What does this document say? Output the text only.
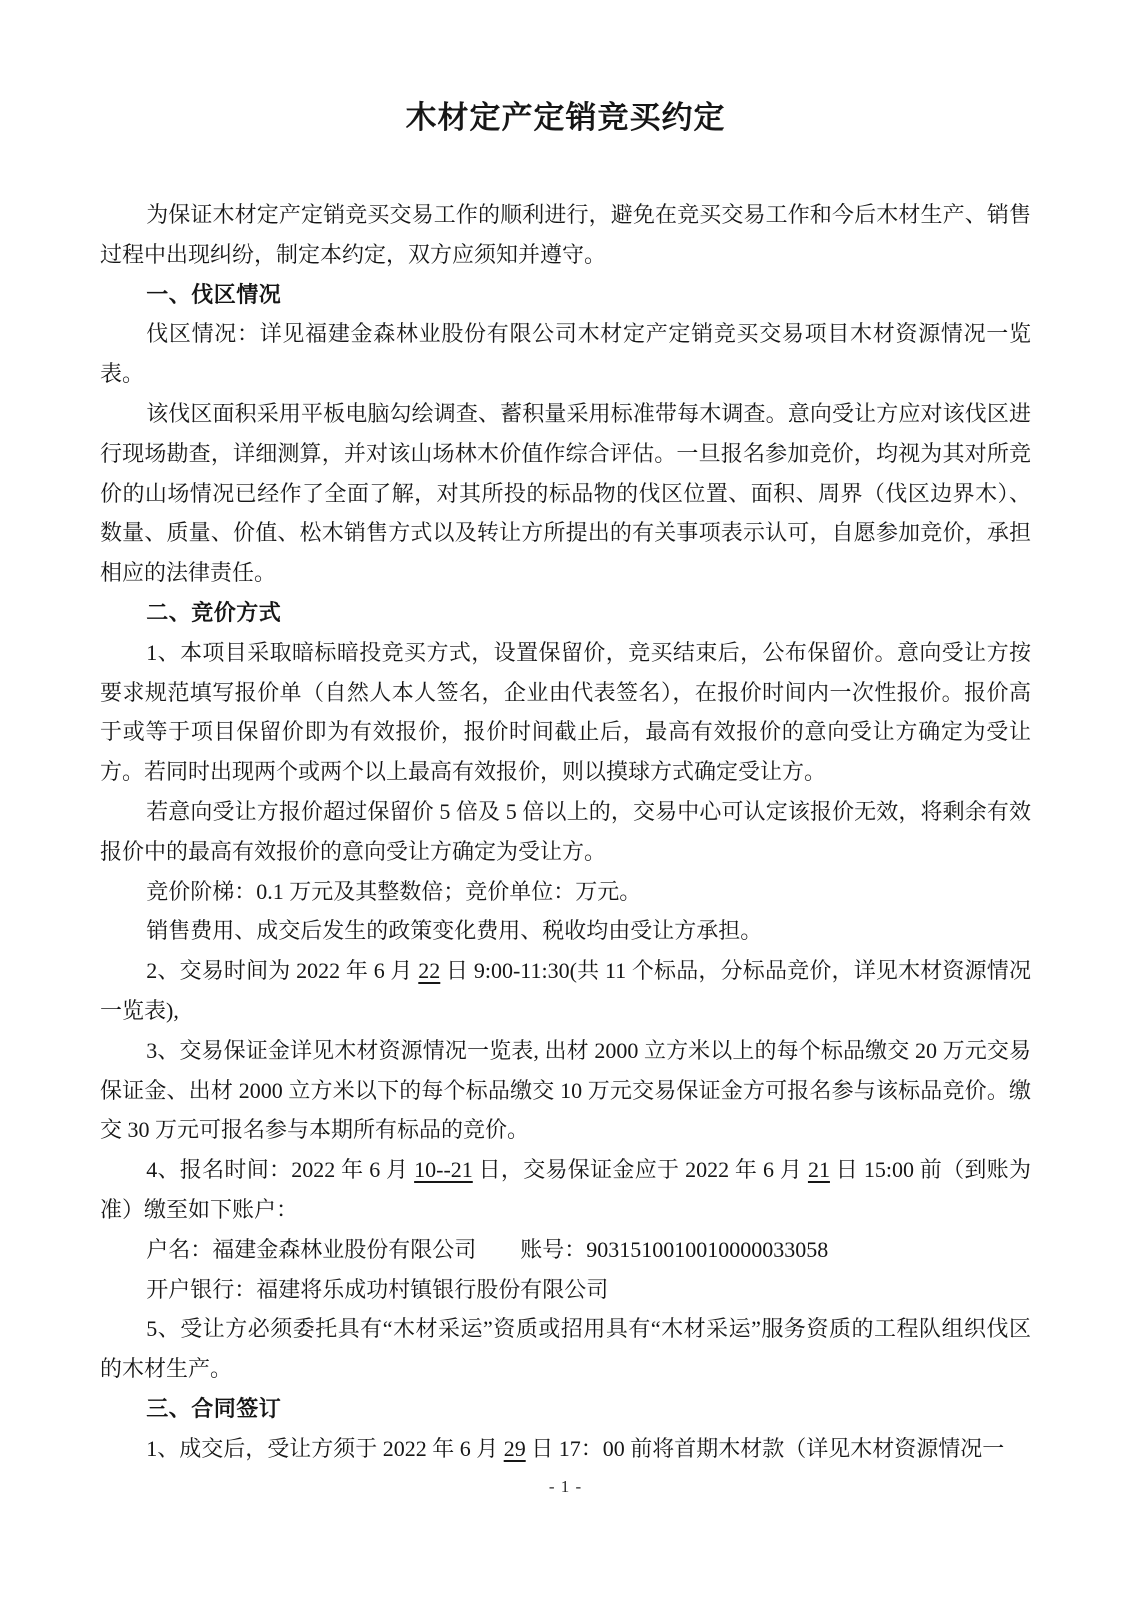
木材定产定销竞买约定

为保证木材定产定销竞买交易工作的顺利进行，避免在竞买交易工作和今后木材生产、销售过程中出现纠纷，制定本约定，双方应须知并遵守。

一、伐区情况

伐区情况：详见福建金森林业股份有限公司木材定产定销竞买交易项目木材资源情况一览表。

该伐区面积采用平板电脑勾绘调查、蓄积量采用标准带每木调查。意向受让方应对该伐区进行现场勘查，详细测算，并对该山场林木价值作综合评估。一旦报名参加竞价，均视为其对所竞价的山场情况已经作了全面了解，对其所投的标品物的伐区位置、面积、周界（伐区边界木）、数量、质量、价值、松木销售方式以及转让方所提出的有关事项表示认可，自愿参加竞价，承担相应的法律责任。

二、竞价方式

1、本项目采取暗标暗投竞买方式，设置保留价，竞买结束后，公布保留价。意向受让方按要求规范填写报价单（自然人本人签名，企业由代表签名），在报价时间内一次性报价。报价高于或等于项目保留价即为有效报价，报价时间截止后，最高有效报价的意向受让方确定为受让方。若同时出现两个或两个以上最高有效报价，则以摸球方式确定受让方。

若意向受让方报价超过保留价 5 倍及 5 倍以上的，交易中心可认定该报价无效，将剩余有效报价中的最高有效报价的意向受让方确定为受让方。

竞价阶梯：0.1 万元及其整数倍；竞价单位：万元。

销售费用、成交后发生的政策变化费用、税收均由受让方承担。

2、交易时间为 2022 年 6 月 22 日 9:00-11:30(共 11 个标品，分标品竞价，详见木材资源情况一览表),

3、交易保证金详见木材资源情况一览表, 出材 2000 立方米以上的每个标品缴交 20 万元交易保证金、出材 2000 立方米以下的每个标品缴交 10 万元交易保证金方可报名参与该标品竞价。缴交 30 万元可报名参与本期所有标品的竞价。

4、报名时间：2022 年 6 月 10--21 日，交易保证金应于 2022 年 6 月 21 日 15:00 前（到账为准）缴至如下账户：

户名：福建金森林业股份有限公司　　账号：9031510010010000033058

开户银行：福建将乐成功村镇银行股份有限公司

5、受让方必须委托具有“木材采运”资质或招用具有“木材采运”服务资质的工程队组织伐区的木材生产。

三、合同签订

1、成交后，受让方须于 2022 年 6 月 29 日 17：00 前将首期木材款（详见木材资源情况一

- 1 -
